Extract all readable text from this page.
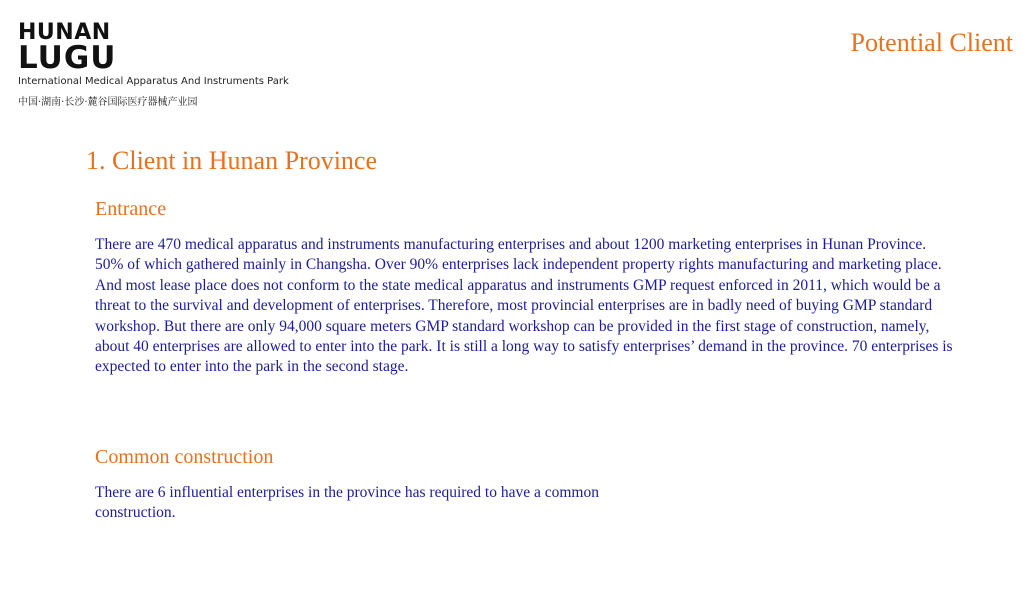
HUNAN
LUGU
International Medical Apparatus And Instruments Park
中国·湖南·长沙·麓谷国际医疗器械产业园
Potential Client
1. Client in Hunan Province
Entrance

There are 470 medical apparatus and instruments manufacturing enterprises and about 1200 marketing enterprises in Hunan Province. 50% of which gathered mainly in Changsha. Over 90% enterprises lack independent property rights manufacturing and marketing place. And most lease place does not conform to the state medical apparatus and instruments GMP request enforced in 2011, which would be a threat to the survival and development of enterprises. Therefore, most provincial enterprises are in badly need of buying GMP standard workshop. But there are only 94,000 square meters GMP standard workshop can be provided in the first stage of construction, namely, about 40 enterprises are allowed to enter into the park. It is still a long way to satisfy enterprises’ demand in the province. 70 enterprises is expected to enter into the park in the second stage.

Common construction

There are 6 influential enterprises in the province has required to have a common construction.
